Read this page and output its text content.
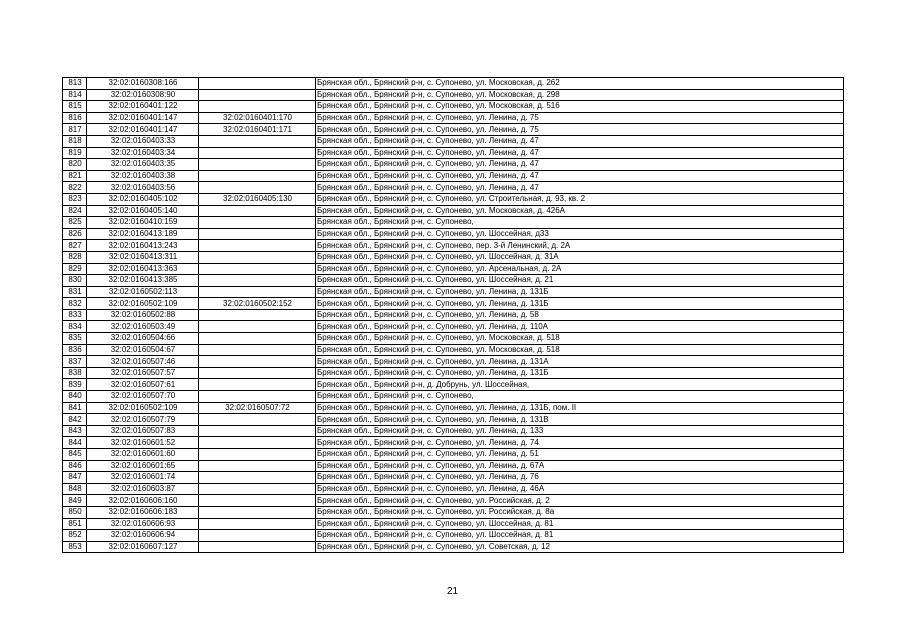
813	32:02:0160308:166		Брянская обл., Брянский р-н, с. Супонево, ул. Московская, д. 262
814	32:02:0160308:90		Брянская обл., Брянский р-н, с. Супонево, ул. Московская, д. 298
815	32:02:0160401:122		Брянская обл., Брянский р-н, с. Супонево, ул. Московская, д. 516
816	32:02:0160401:147	32:02:0160401:170	Брянская обл., Брянский р-н, с. Супонево, ул. Ленина, д. 75
817	32:02:0160401:147	32:02:0160401:171	Брянская обл., Брянский р-н, с. Супонево, ул. Ленина, д. 75
818	32:02:0160403:33		Брянская обл., Брянский р-н, с. Супонево, ул. Ленина, д. 47
819	32:02:0160403:34		Брянская обл., Брянский р-н, с. Супонево, ул. Ленина, д. 47
820	32:02:0160403:35		Брянская обл., Брянский р-н, с. Супонево, ул. Ленина, д. 47
821	32:02:0160403:38		Брянская обл., Брянский р-н, с. Супонево, ул. Ленина, д. 47
822	32:02:0160403:56		Брянская обл., Брянский р-н, с. Супонево, ул. Ленина, д. 47
823	32:02:0160405:102	32:02:0160405:130	Брянская обл., Брянский р-н, с. Супонево, ул. Строительная, д. 93, кв. 2
824	32:02:0160405:140		Брянская обл., Брянский р-н, с. Супонево, ул. Московская, д. 426А
825	32:02:0160410:159		Брянская обл., Брянский р-н, с. Супонево,
826	32:02:0160413:189		Брянская обл., Брянский р-н, с. Супонево, ул. Шоссейная, д33
827	32:02:0160413:243		Брянская обл., Брянский р-н, с. Супонево, пер. 3-й Ленинский, д. 2А
828	32:02:0160413:311		Брянская обл., Брянский р-н, с. Супонево, ул. Шоссейная, д. 31А
829	32:02:0160413:363		Брянская обл., Брянский р-н, с. Супонево, ул. Арсенальная, д. 2А
830	32:02:0160413:385		Брянская обл., Брянский р-н, с. Супонево, ул. Шоссейная, д. 21
831	32:02:0160502:113		Брянская обл., Брянский р-н, с. Супонево, ул. Ленина, д. 131Б
832	32:02:0160502:109	32:02:0160502:152	Брянская обл., Брянский р-н, с. Супонево, ул. Ленина, д. 131Б
833	32:02:0160502:88		Брянская обл., Брянский р-н, с. Супонево, ул. Ленина, д. 58
834	32:02:0160503:49		Брянская обл., Брянский р-н, с. Супонево, ул. Ленина, д. 110А
835	32:02:0160504:66		Брянская обл., Брянский р-н, с. Супонево, ул. Московская, д. 518
836	32:02:0160504:67		Брянская обл., Брянский р-н, с. Супонево, ул. Московская, д. 518
837	32:02:0160507:46		Брянская обл., Брянский р-н, с. Супонево, ул. Ленина, д. 131А
838	32:02:0160507:57		Брянская обл., Брянский р-н, с. Супонево, ул. Ленина, д. 131Б
839	32:02:0160507:61		Брянская обл., Брянский р-н, д. Добрунь, ул. Шоссейная,
840	32:02:0160507:70		Брянская обл., Брянский р-н, с. Супонево,
841	32:02:0160502:109	32:02:0160507:72	Брянская обл., Брянский р-н, с. Супонево, ул. Ленина, д. 131Б, пом. II
842	32:02:0160507:79		Брянская обл., Брянский р-н, с. Супонево, ул. Ленина, д. 131В
843	32:02:0160507:83		Брянская обл., Брянский р-н, с. Супонево, ул. Ленина, д. 133
844	32:02:0160601:52		Брянская обл., Брянский р-н, с. Супонево, ул. Ленина, д. 74
845	32:02:0160601:60		Брянская обл., Брянский р-н, с. Супонево, ул. Ленина, д. 51
846	32:02:0160601:65		Брянская обл., Брянский р-н, с. Супонево, ул. Ленина, д. 67А
847	32:02:0160601:74		Брянская обл., Брянский р-н, с. Супонево, ул. Ленина, д. 76
848	32:02:0160603:87		Брянская обл., Брянский р-н, с. Супонево, ул. Ленина, д. 46А
849	32:02:0160606:160		Брянская обл., Брянский р-н, с. Супонево, ул. Российская, д. 2
850	32:02:0160606:183		Брянская обл., Брянский р-н, с. Супонево, ул. Российская, д. 8а
851	32:02:0160606:93		Брянская обл., Брянский р-н, с. Супонево, ул. Шоссейная, д. 81
852	32:02:0160606:94		Брянская обл., Брянский р-н, с. Супонево, ул. Шоссейная, д. 81
853	32:02:0160607:127		Брянская обл., Брянский р-н, с. Супонево, ул. Советская, д. 12
21
